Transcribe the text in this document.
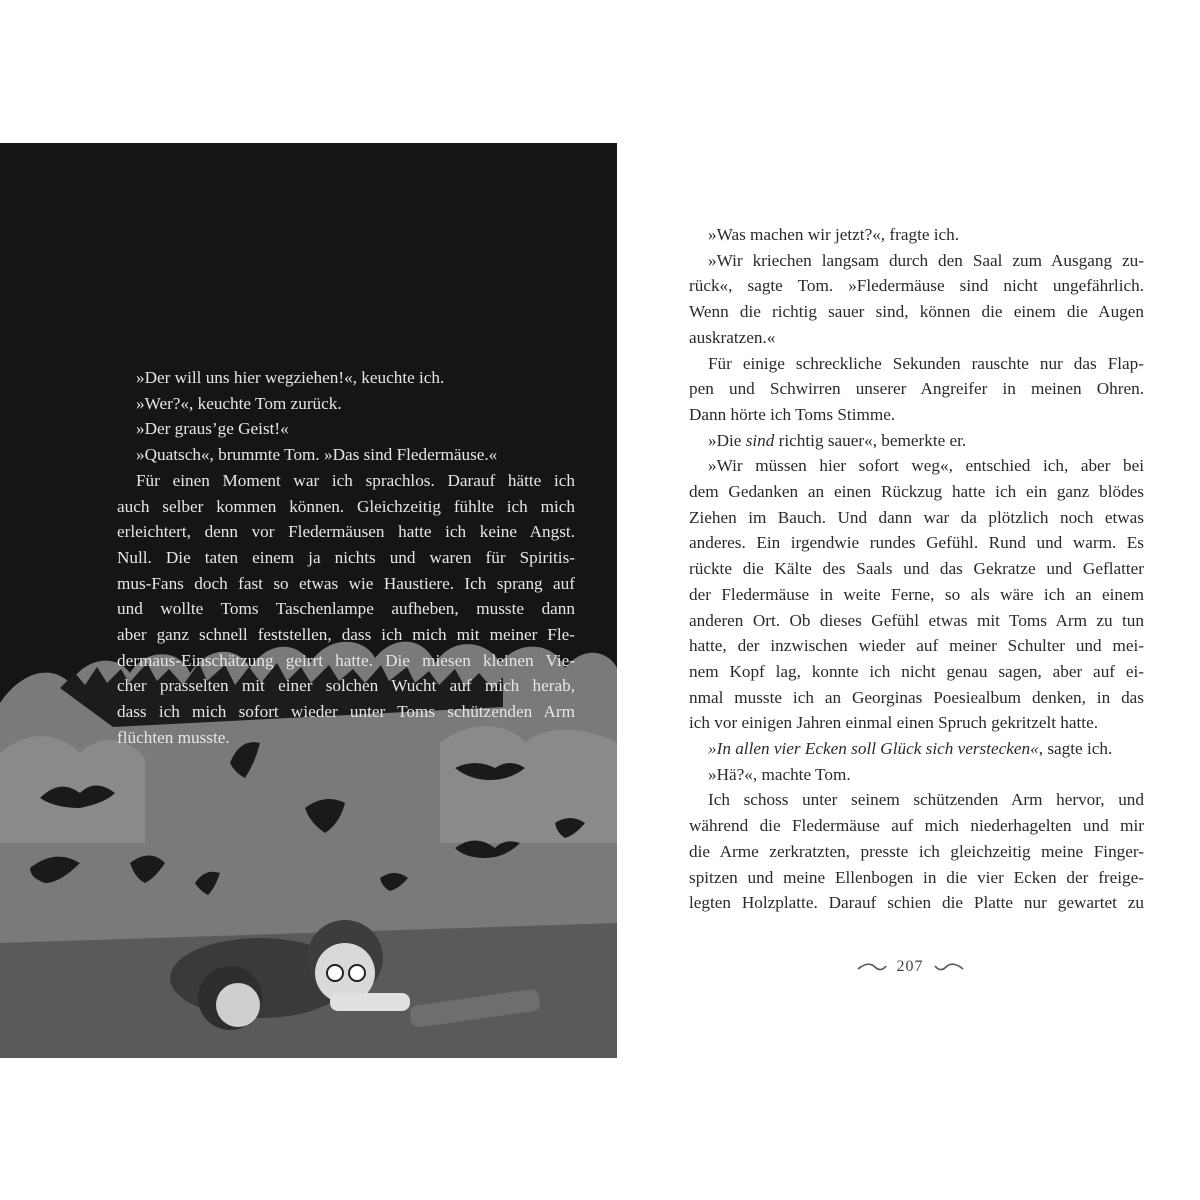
»Der will uns hier wegziehen!«, keuchte ich.

»Wer?«, keuchte Tom zurück.

»Der graus’ge Geist!«

»Quatsch«, brummte Tom. »Das sind Fledermäuse.«

Für einen Moment war ich sprachlos. Darauf hätte ich
auch selber kommen können. Gleichzeitig fühlte ich mich
erleichtert, denn vor Fledermäusen hatte ich keine Angst.
Null. Die taten einem ja nichts und waren für Spiritis-
mus-Fans doch fast so etwas wie Haustiere. Ich sprang auf
und wollte Toms Taschenlampe aufheben, musste dann
aber ganz schnell feststellen, dass ich mich mit meiner Fle-
dermaus-Einschätzung geirrt hatte. Die miesen kleinen Vie-
cher prasselten mit einer solchen Wucht auf mich herab,
dass ich mich sofort wieder unter Toms schützenden Arm
flüchten musste.

»Was machen wir jetzt?«, fragte ich.

»Wir kriechen langsam durch den Saal zum Ausgang zu-
rück«, sagte Tom. »Fledermäuse sind nicht ungefährlich.
Wenn die richtig sauer sind, können die einem die Augen
auskratzen.«
Für einige schreckliche Sekunden rauschte nur das Flap-
pen und Schwirren unserer Angreifer in meinen Ohren.
Dann hörte ich Toms Stimme.

»Die sind richtig sauer«, bemerkte er.

»Wir müssen hier sofort weg«, entschied ich, aber bei
dem Gedanken an einen Rückzug hatte ich ein ganz blödes
Ziehen im Bauch. Und dann war da plötzlich noch etwas
anderes. Ein irgendwie rundes Gefühl. Rund und warm. Es
rückte die Kälte des Saals und das Gekratze und Geflatter
der Fledermäuse in weite Ferne, so als wäre ich an einem
anderen Ort. Ob dieses Gefühl etwas mit Toms Arm zu tun
hatte, der inzwischen wieder auf meiner Schulter und mei-
nem Kopf lag, konnte ich nicht genau sagen, aber auf ei-
nmal musste ich an Georginas Poesiealbum denken, in das
ich vor einigen Jahren einmal einen Spruch gekritzelt hatte.

»In allen vier Ecken soll Glück sich verstecken«, sagte ich.

»Hä?«, machte Tom.

Ich schoss unter seinem schützenden Arm hervor, und
während die Fledermäuse auf mich niederhagelten und mir
die Arme zerkratzten, presste ich gleichzeitig meine Finger-
spitzen und meine Ellenbogen in die vier Ecken der freige-
legten Holzplatte. Darauf schien die Platte nur gewartet zu
207
